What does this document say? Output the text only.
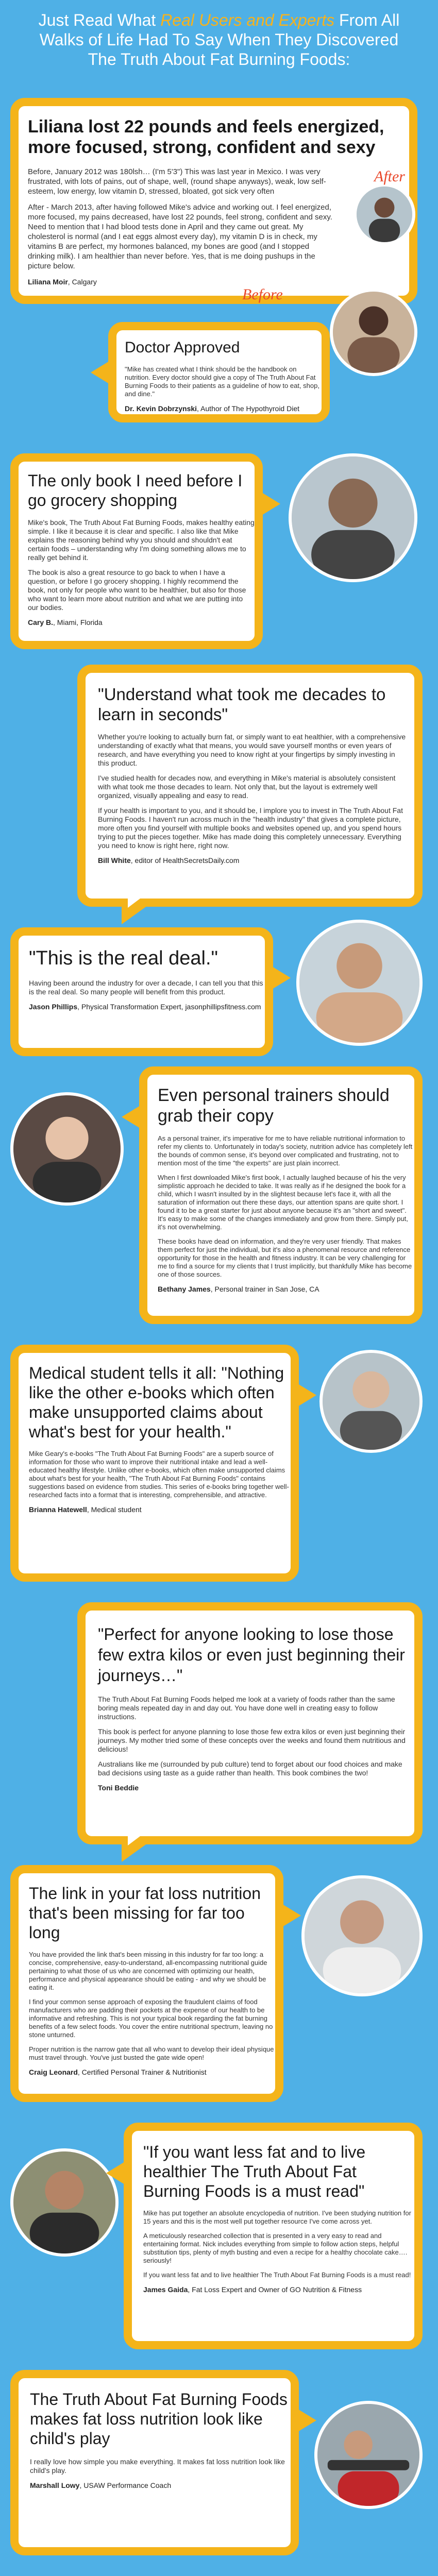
Just Read What Real Users and Experts From All
Walks of Life Had To Say When They Discovered
The Truth About Fat Burning Foods:
Liliana lost 22 pounds and feels energized, more focused, strong, confident and sexy

Before, January 2012 was 180lsh… (I'm 5'3") This was last year in Mexico. I was very frustrated, with lots of pains, out of shape, well, (round shape anyways), weak, low self-esteem, low energy, low vitamin D, stressed, bloated, got sick very often

After - March 2013, after having followed Mike's advice and working out. I feel energized, more focused, my pains decreased, have lost 22 pounds, feel strong, confident and sexy. Need to mention that I had blood tests done in April and they came out great. My cholesterol is normal (and I eat eggs almost every day), my vitamin D is in check, my vitamins B are perfect, my hormones balanced, my bones are good (and I stopped drinking milk). I am healthier than never before. Yes, that is me doing pushups in the picture below.

Liliana Moir, Calgary
After
Before
Doctor Approved

"Mike has created what I think should be the handbook on nutrition. Every doctor should give a copy of The Truth About Fat Burning Foods to their patients as a guideline of how to eat, shop, and dine."

Dr. Kevin Dobrzynski, Author of The Hypothyroid Diet
The only book I need before I go grocery shopping

Mike's book, The Truth About Fat Burning Foods, makes healthy eating simple. I like it because it is clear and specific. I also like that Mike explains the reasoning behind why you should and shouldn't eat certain foods – understanding why I'm doing something allows me to really get behind it.

The book is also a great resource to go back to when I have a question, or before I go grocery shopping. I highly recommend the book, not only for people who want to be healthier, but also for those who want to learn more about nutrition and what we are putting into our bodies.

Cary B., Miami, Florida
"Understand what took me decades to learn in seconds"

Whether you're looking to actually burn fat, or simply want to eat healthier, with a comprehensive understanding of exactly what that means, you would save yourself months or even years of research, and have everything you need to know right at your fingertips by simply investing in this product.

I've studied health for decades now, and everything in Mike's material is absolutely consistent with what took me those decades to learn. Not only that, but the layout is extremely well organized, visually appealing and easy to read.

If your health is important to you, and it should be, I implore you to invest in The Truth About Fat Burning Foods. I haven't run across much in the "health industry" that gives a complete picture, more often you find yourself with multiple books and websites opened up, and you spend hours trying to put the pieces together. Mike has made doing this completely unnecessary. Everything you need to know is right here, right now.

Bill White, editor of HealthSecretsDaily.com
"This is the real deal."

Having been around the industry for over a decade, I can tell you that this is the real deal. So many people will benefit from this product.

Jason Phillips, Physical Transformation Expert, jasonphillipsfitness.com
Even personal trainers should grab their copy

As a personal trainer, it's imperative for me to have reliable nutritional information to refer my clients to. Unfortunately in today's society, nutrition advice has completely left the bounds of common sense, it's beyond over complicated and frustrating, not to mention most of the time "the experts" are just plain incorrect.

When I first downloaded Mike's first book, I actually laughed because of his the very simplistic approach he decided to take. It was really as if he designed the book for a child, which I wasn't insulted by in the slightest because let's face it, with all the saturation of information out there these days, our attention spans are quite short. I found it to be a great starter for just about anyone because it's an "short and sweet". It's easy to make some of the changes immediately and grow from there. Simply put, it's not overwhelming.

These books have dead on information, and they're very user friendly. That makes them perfect for just the individual, but it's also a phenomenal resource and reference opportunity for those in the health and fitness industry. It can be very challenging for me to find a source for my clients that I trust implicitly, but thankfully Mike has become one of those sources.

Bethany James, Personal trainer in San Jose, CA
Medical student tells it all: "Nothing like the other e-books which often make unsupported claims about what's best for your health."

Mike Geary's e-books "The Truth About Fat Burning Foods" are a superb source of information for those who want to improve their nutritional intake and lead a well-educated healthy lifestyle. Unlike other e-books, which often make unsupported claims about what's best for your health, "The Truth About Fat Burning Foods" contains suggestions based on evidence from studies. This series of e-books bring together well-researched facts into a format that is interesting, comprehensible, and attractive.

Brianna Hatewell, Medical student
"Perfect for anyone looking to lose those few extra kilos or even just beginning their journeys…"

The Truth About Fat Burning Foods helped me look at a variety of foods rather than the same boring meals repeated day in and day out. You have done well in creating easy to follow instructions.

This book is perfect for anyone planning to lose those few extra kilos or even just beginning their journeys. My mother tried some of these concepts over the weeks and found them nutritious and delicious!

Australians like me (surrounded by pub culture) tend to forget about our food choices and make bad decisions using taste as a guide rather than health. This book combines the two!

Toni Beddie
The link in your fat loss nutrition that's been missing for far too long

You have provided the link that's been missing in this industry for far too long: a concise, comprehensive, easy-to-understand, all-encompassing nutritional guide pertaining to what those of us who are concerned with optimizing our health, performance and physical appearance should be eating - and why we should be eating it.

I find your common sense approach of exposing the fraudulent claims of food manufacturers who are padding their pockets at the expense of our health to be informative and refreshing. This is not your typical book regarding the fat burning benefits of a few select foods. You cover the entire nutritional spectrum, leaving no stone unturned.

Proper nutrition is the narrow gate that all who want to develop their ideal physique must travel through. You've just busted the gate wide open!

Craig Leonard, Certified Personal Trainer & Nutritionist
"If you want less fat and to live healthier The Truth About Fat Burning Foods is a must read"

Mike has put together an absolute encyclopedia of nutrition. I've been studying nutrition for 15 years and this is the most well put together resource I've come across yet.

A meticulously researched collection that is presented in a very easy to read and entertaining format. Nick includes everything from simple to follow action steps, helpful substitution tips, plenty of myth busting and even a recipe for a healthy chocolate cake…. seriously!

If you want less fat and to live healthier The Truth About Fat Burning Foods is a must read!

James Gaida, Fat Loss Expert and Owner of GO Nutrition & Fitness
The Truth About Fat Burning Foods makes fat loss nutrition look like child's play

I really love how simple you make everything. It makes fat loss nutrition look like child's play.

Marshall Lowy, USAW Performance Coach
